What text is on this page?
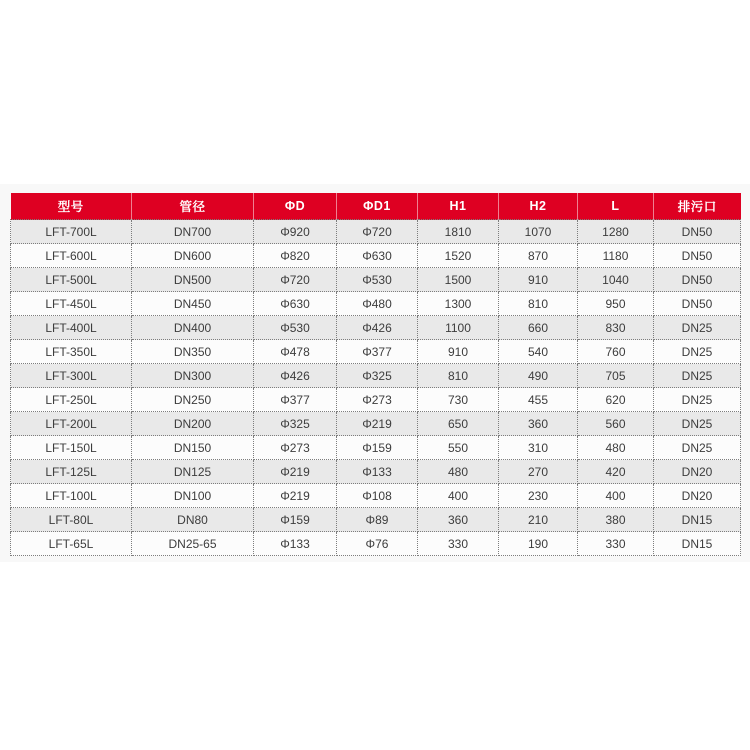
型号	管径	ΦD	ΦD1	H1	H2	L	排污口
LFT-700L	DN700	Φ920	Φ720	1810	1070	1280	DN50
LFT-600L	DN600	Φ820	Φ630	1520	870	1180	DN50
LFT-500L	DN500	Φ720	Φ530	1500	910	1040	DN50
LFT-450L	DN450	Φ630	Φ480	1300	810	950	DN50
LFT-400L	DN400	Φ530	Φ426	1100	660	830	DN25
LFT-350L	DN350	Φ478	Φ377	910	540	760	DN25
LFT-300L	DN300	Φ426	Φ325	810	490	705	DN25
LFT-250L	DN250	Φ377	Φ273	730	455	620	DN25
LFT-200L	DN200	Φ325	Φ219	650	360	560	DN25
LFT-150L	DN150	Φ273	Φ159	550	310	480	DN25
LFT-125L	DN125	Φ219	Φ133	480	270	420	DN20
LFT-100L	DN100	Φ219	Φ108	400	230	400	DN20
LFT-80L	DN80	Φ159	Φ89	360	210	380	DN15
LFT-65L	DN25-65	Φ133	Φ76	330	190	330	DN15
